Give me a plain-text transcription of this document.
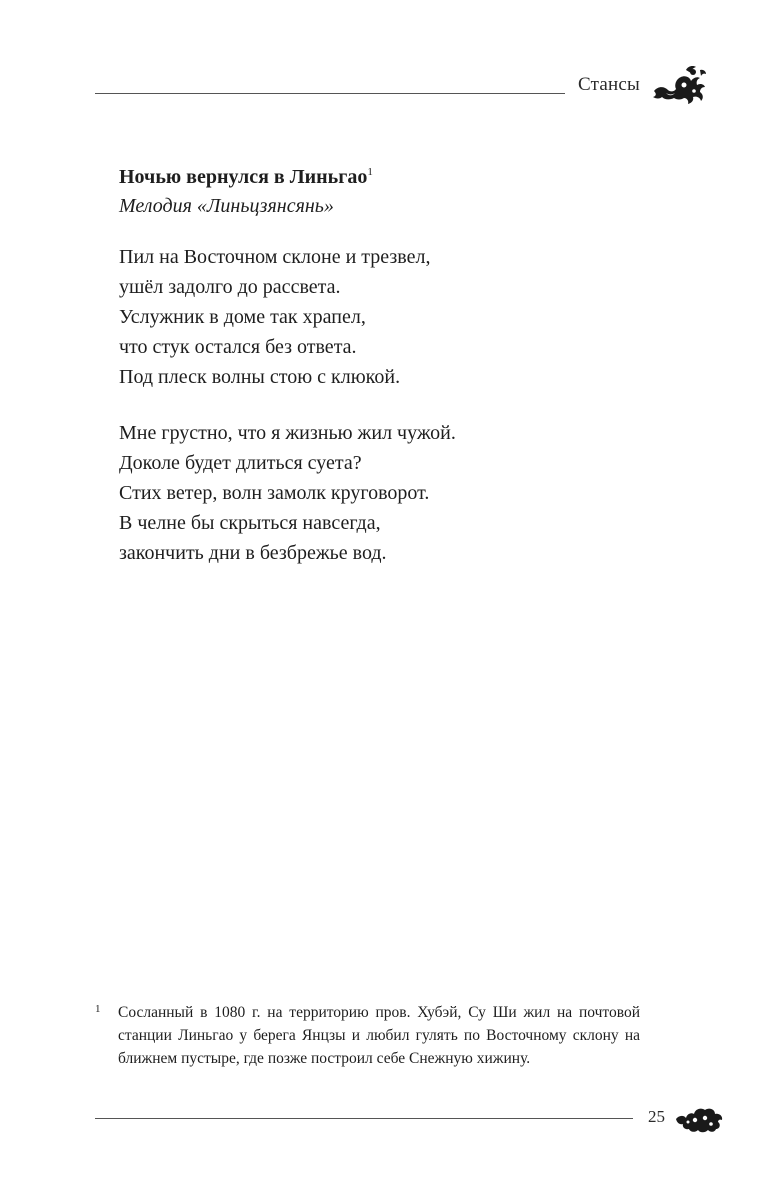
Стансы
Ночью вернулся в Линьгао$^1$
Мелодия «Линьцзянсянь»
Пил на Восточном склоне и трезвел,
ушёл задолго до рассвета.
Услужник в доме так храпел,
что стук остался без ответа.
Под плеск волны стою с клюкой.
Мне грустно, что я жизнью жил чужой.
Доколе будет длиться суета?
Стих ветер, волн замолк круговорот.
В челне бы скрыться навсегда,
закончить дни в безбрежье вод.
1 Сосланный в 1080 г. на территорию пров. Хубэй, Су Ши жил на почтовой станции Линьгао у берега Янцзы и любил гулять по Восточному склону на ближнем пустыре, где позже построил себе Снежную хижину.
25
